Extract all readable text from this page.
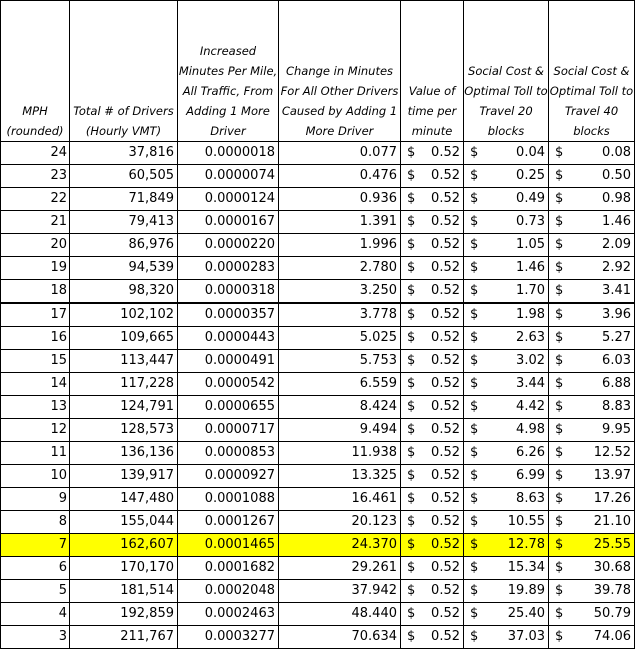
MPH (rounded)	Total # of Drivers (Hourly VMT)	Increased Minutes Per Mile, All Traffic, From Adding 1 More Driver	Change in Minutes For All Other Drivers Caused by Adding 1 More Driver	Value of time per minute		Social Cost & Optimal Toll to Travel 20 blocks		Social Cost & Optimal Toll to Travel 40 blocks	
24	37,816	0.0000018	0.077	$	0.52	$	0.04	$	0.08
23	60,505	0.0000074	0.476	$	0.52	$	0.25	$	0.50
22	71,849	0.0000124	0.936	$	0.52	$	0.49	$	0.98
21	79,413	0.0000167	1.391	$	0.52	$	0.73	$	1.46
20	86,976	0.0000220	1.996	$	0.52	$	1.05	$	2.09
19	94,539	0.0000283	2.780	$	0.52	$	1.46	$	2.92
18	98,320	0.0000318	3.250	$	0.52	$	1.70	$	3.41
17	102,102	0.0000357	3.778	$	0.52	$	1.98	$	3.96
16	109,665	0.0000443	5.025	$	0.52	$	2.63	$	5.27
15	113,447	0.0000491	5.753	$	0.52	$	3.02	$	6.03
14	117,228	0.0000542	6.559	$	0.52	$	3.44	$	6.88
13	124,791	0.0000655	8.424	$	0.52	$	4.42	$	8.83
12	128,573	0.0000717	9.494	$	0.52	$	4.98	$	9.95
11	136,136	0.0000853	11.938	$	0.52	$	6.26	$	12.52
10	139,917	0.0000927	13.325	$	0.52	$	6.99	$	13.97
9	147,480	0.0001088	16.461	$	0.52	$	8.63	$	17.26
8	155,044	0.0001267	20.123	$	0.52	$	10.55	$	21.10
7	162,607	0.0001465	24.370	$	0.52	$	12.78	$	25.55
6	170,170	0.0001682	29.261	$	0.52	$	15.34	$	30.68
5	181,514	0.0002048	37.942	$	0.52	$	19.89	$	39.78
4	192,859	0.0002463	48.440	$	0.52	$	25.40	$	50.79
3	211,767	0.0003277	70.634	$	0.52	$	37.03	$	74.06
